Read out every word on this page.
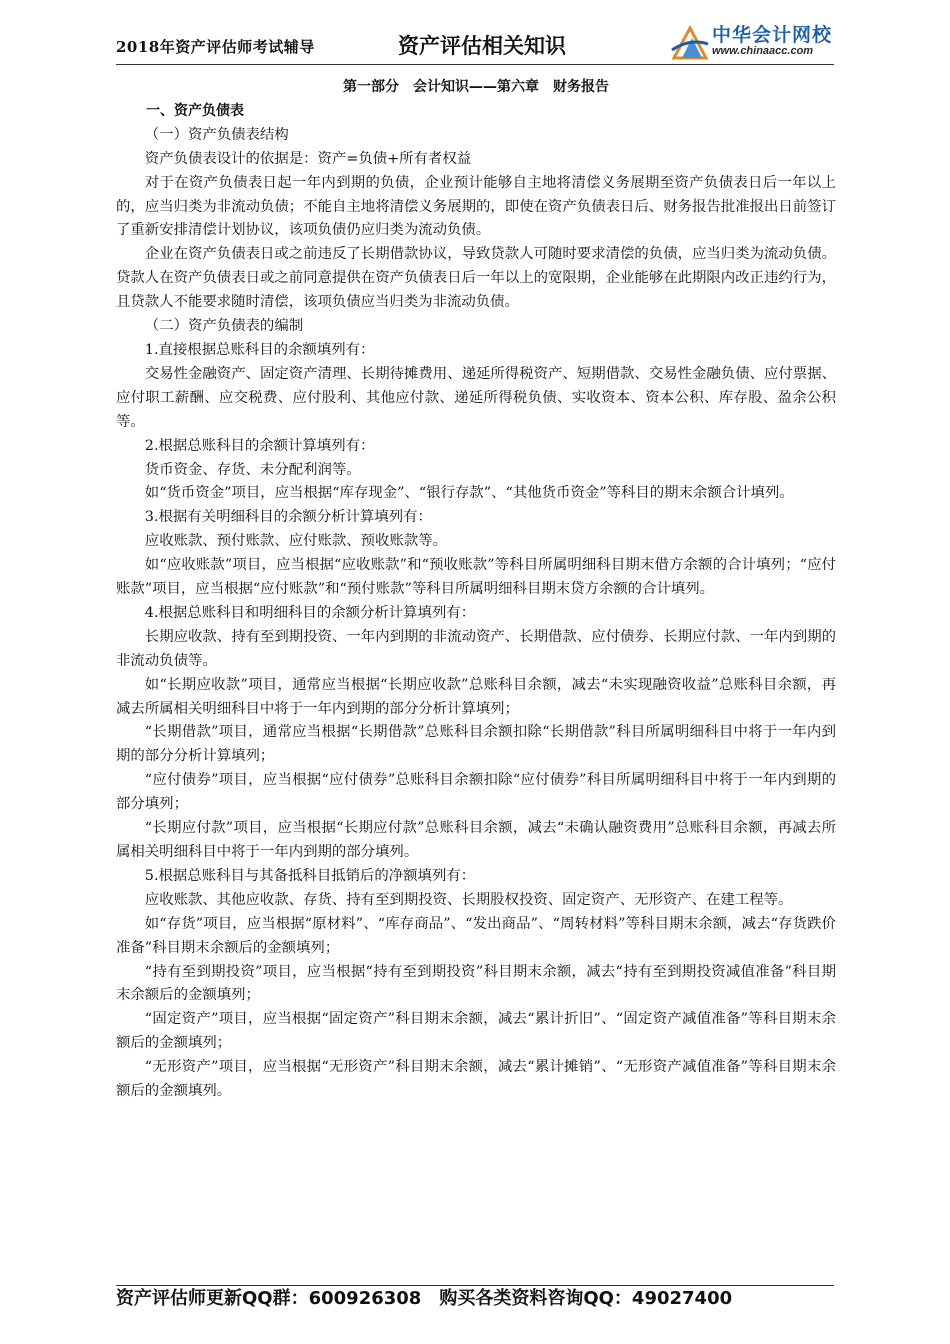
2018年资产评估师考试辅导	资产评估相关知识	中华会计网校
www.chinaacc.com

第一部分　会计知识——第六章　财务报告

一、资产负债表

（一）资产负债表结构

资产负债表设计的依据是：资产=负债+所有者权益

对于在资产负债表日起一年内到期的负债，企业预计能够自主地将清偿义务展期至资产负债表日后一年以上的，应当归类为非流动负债；不能自主地将清偿义务展期的，即使在资产负债表日后、财务报告批准报出日前签订了重新安排清偿计划协议，该项负债仍应归类为流动负债。

企业在资产负债表日或之前违反了长期借款协议，导致贷款人可随时要求清偿的负债，应当归类为流动负债。贷款人在资产负债表日或之前同意提供在资产负债表日后一年以上的宽限期，企业能够在此期限内改正违约行为，且贷款人不能要求随时清偿，该项负债应当归类为非流动负债。

（二）资产负债表的编制

1.直接根据总账科目的余额填列有：

交易性金融资产、固定资产清理、长期待摊费用、递延所得税资产、短期借款、交易性金融负债、应付票据、应付职工薪酬、应交税费、应付股利、其他应付款、递延所得税负债、实收资本、资本公积、库存股、盈余公积等。

2.根据总账科目的余额计算填列有：

货币资金、存货、未分配利润等。

如“货币资金”项目，应当根据“库存现金”、“银行存款”、“其他货币资金”等科目的期末余额合计填列。

3.根据有关明细科目的余额分析计算填列有：

应收账款、预付账款、应付账款、预收账款等。

如“应收账款”项目，应当根据“应收账款”和“预收账款”等科目所属明细科目期末借方余额的合计填列；“应付账款”项目，应当根据“应付账款”和“预付账款”等科目所属明细科目期末贷方余额的合计填列。

4.根据总账科目和明细科目的余额分析计算填列有：

长期应收款、持有至到期投资、一年内到期的非流动资产、长期借款、应付债券、长期应付款、一年内到期的非流动负债等。

如“长期应收款”项目，通常应当根据“长期应收款”总账科目余额，减去“未实现融资收益”总账科目余额，再减去所属相关明细科目中将于一年内到期的部分分析计算填列；

“长期借款”项目，通常应当根据“长期借款”总账科目余额扣除“长期借款”科目所属明细科目中将于一年内到期的部分分析计算填列；

“应付债券”项目，应当根据“应付债券”总账科目余额扣除“应付债券”科目所属明细科目中将于一年内到期的部分填列；

“长期应付款”项目，应当根据“长期应付款”总账科目余额，减去“未确认融资费用”总账科目余额，再减去所属相关明细科目中将于一年内到期的部分填列。

5.根据总账科目与其备抵科目抵销后的净额填列有：

应收账款、其他应收款、存货、持有至到期投资、长期股权投资、固定资产、无形资产、在建工程等。

如“存货”项目，应当根据“原材料”、“库存商品”、“发出商品”、“周转材料”等科目期末余额，减去“存货跌价准备”科目期末余额后的金额填列；

“持有至到期投资”项目，应当根据“持有至到期投资”科目期末余额，减去“持有至到期投资减值准备”科目期末余额后的金额填列；

“固定资产”项目，应当根据“固定资产”科目期末余额，减去“累计折旧”、“固定资产减值准备”等科目期末余额后的金额填列；

“无形资产”项目，应当根据“无形资产”科目期末余额，减去“累计摊销”、“无形资产减值准备”等科目期末余额后的金额填列。

资产评估师更新QQ群：600926308　购买各类资料咨询QQ：49027400
